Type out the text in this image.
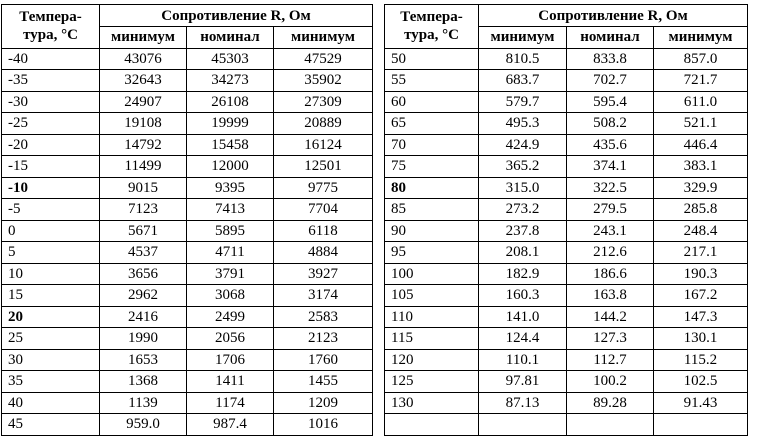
Темпера-
тура, °С	Сопротивление R, Ом		
	минимум	номинал	минимум
-40	43076	45303	47529
-35	32643	34273	35902
-30	24907	26108	27309
-25	19108	19999	20889
-20	14792	15458	16124
-15	11499	12000	12501
-10	9015	9395	9775
-5	7123	7413	7704
0	5671	5895	6118
5	4537	4711	4884
10	3656	3791	3927
15	2962	3068	3174
20	2416	2499	2583
25	1990	2056	2123
30	1653	1706	1760
35	1368	1411	1455
40	1139	1174	1209
45	959.0	987.4	1016
Темпера-
тура, °С	Сопротивление R, Ом		
	минимум	номинал	минимум
50	810.5	833.8	857.0
55	683.7	702.7	721.7
60	579.7	595.4	611.0
65	495.3	508.2	521.1
70	424.9	435.6	446.4
75	365.2	374.1	383.1
80	315.0	322.5	329.9
85	273.2	279.5	285.8
90	237.8	243.1	248.4
95	208.1	212.6	217.1
100	182.9	186.6	190.3
105	160.3	163.8	167.2
110	141.0	144.2	147.3
115	124.4	127.3	130.1
120	110.1	112.7	115.2
125	97.81	100.2	102.5
130	87.13	89.28	91.43
